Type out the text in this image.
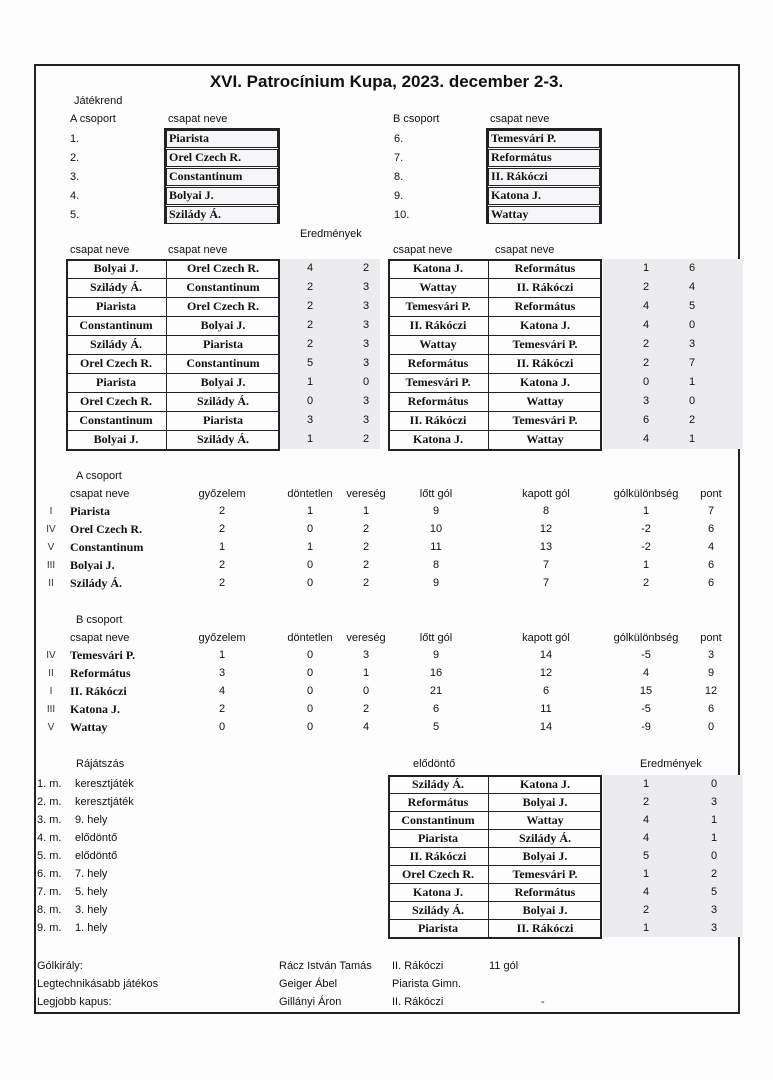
XVI. Patrocínium Kupa, 2023. december 2-3.
Játékrend
A csoport	csapat neve	B csoport	csapat neve
1.	Piarista
2.	Orel Czech R.
3.	Constantinum
4.	Bolyai J.
5.	Szilády Á.
6.	Temesvári P.
7.	Református
8.	II. Rákóczi
9.	Katona J.
10.	Wattay
Eredmények
csapat neve	csapat neve	csapat neve	csapat neve
Bolyai J.	Orel Czech R.	4	2
Szilády Á.	Constantinum	2	3
Piarista	Orel Czech R.	2	3
Constantinum	Bolyai J.	2	3
Szilády Á.	Piarista	2	3
Orel Czech R.	Constantinum	5	3
Piarista	Bolyai J.	1	0
Orel Czech R.	Szilády Á.	0	3
Constantinum	Piarista	3	3
Bolyai J.	Szilády Á.	1	2
Katona J.	Református	1	6
Wattay	II. Rákóczi	2	4
Temesvári P.	Református	4	5
II. Rákóczi	Katona J.	4	0
Wattay	Temesvári P.	2	3
Református	II. Rákóczi	2	7
Temesvári P.	Katona J.	0	1
Református	Wattay	3	0
II. Rákóczi	Temesvári P.	6	2
Katona J.	Wattay	4	1
A csoport
csapat neve	győzelem	döntetlen	vereség	lőtt gól	kapott gól	gólkülönbség	pont
I	Piarista	2	1	1	9	8	1	7
IV	Orel Czech R.	2	0	2	10	12	-2	6
V	Constantinum	1	1	2	11	13	-2	4
III	Bolyai J.	2	0	2	8	7	1	6
II	Szilády Á.	2	0	2	9	7	2	6
B csoport
csapat neve	győzelem	döntetlen	vereség	lőtt gól	kapott gól	gólkülönbség	pont
IV	Temesvári P.	1	0	3	9	14	-5	3
II	Református	3	0	1	16	12	4	9
I	II. Rákóczi	4	0	0	21	6	15	12
III	Katona J.	2	0	2	6	11	-5	6
V	Wattay	0	0	4	5	14	-9	0
Rájátszás	elődöntő	Eredmények
1. m. keresztjáték	Szilády Á.	Katona J.	1	0
2. m. keresztjáték	Református	Bolyai J.	2	3
3. m. 9. hely	Constantinum	Wattay	4	1
4. m. elődöntő	Piarista	Szilády Á.	4	1
5. m. elődöntő	II. Rákóczi	Bolyai J.	5	0
6. m. 7. hely	Orel Czech R.	Temesvári P.	1	2
7. m. 5. hely	Katona J.	Református	4	5
8. m. 3. hely	Szilády Á.	Bolyai J.	2	3
9. m. 1. hely	Piarista	II. Rákóczi	1	3
Gólkirály:	Rácz István Tamás II. Rákóczi	11 gól
Legtechnikásabb játékos	Geiger Ábel	Piarista Gimn.
Legjobb kapus:	Gillányi Áron	II. Rákóczi	-
